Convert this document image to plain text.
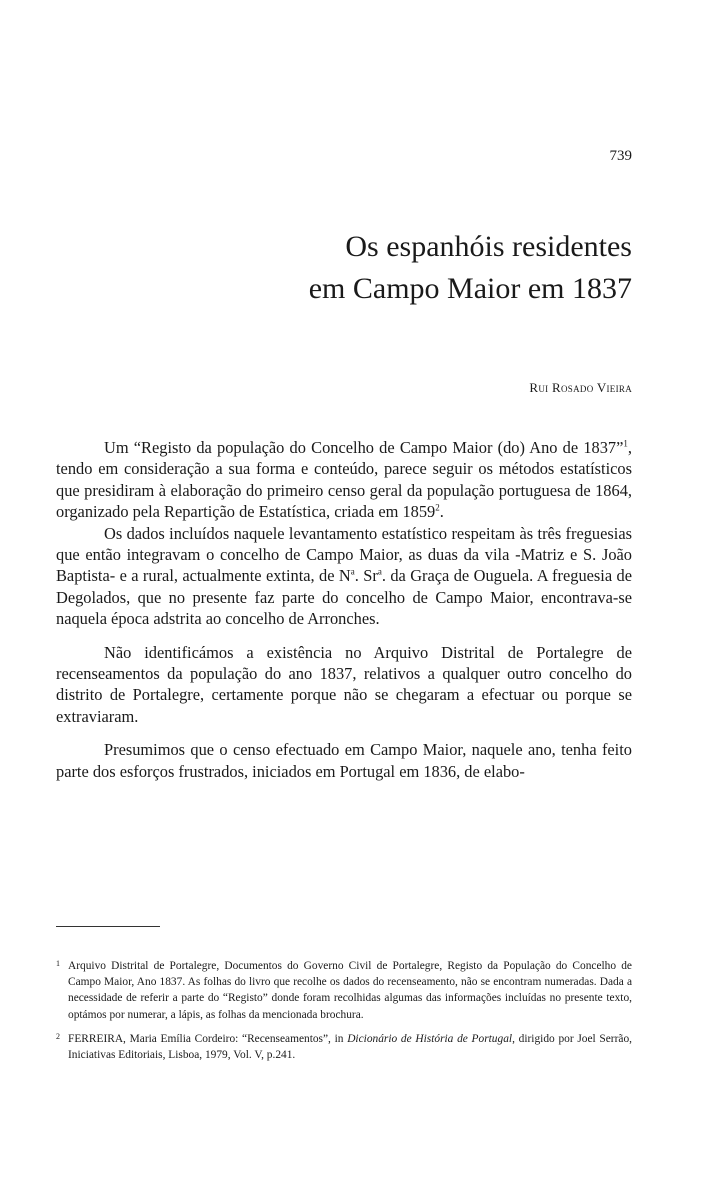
739
Os espanhóis residentes
em Campo Maior em 1837
Rui Rosado Vieira

Um “Registo da população do Concelho de Campo Maior (do) Ano de 1837”$^1$, tendo em consideração a sua forma e conteúdo, parece seguir os métodos estatísticos que presidiram à elaboração do primeiro censo geral da população portuguesa de 1864, organizado pela Repartição de Estatística, criada em 1859$^2$.

Os dados incluídos naquele levantamento estatístico respeitam às três freguesias que então integravam o concelho de Campo Maior, as duas da vila -Matriz e S. João Baptista- e a rural, actualmente extinta, de $N^a$. Sr$^a$. da Graça de Ouguela. A freguesia de Degolados, que no presente faz parte do concelho de Campo Maior, encontrava-se naquela época adstrita ao concelho de Arronches.

Não identificámos a existência no Arquivo Distrital de Portalegre de recenseamentos da população do ano 1837, relativos a qualquer outro concelho do distrito de Portalegre, certamente porque não se chegaram a efectuar ou porque se extraviaram.

Presumimos que o censo efectuado em Campo Maior, naquele ano, tenha feito parte dos esforços frustrados, iniciados em Portugal em 1836, de elabo-

1 Arquivo Distrital de Portalegre, Documentos do Governo Civil de Portalegre, Registo da População do Concelho de Campo Maior, Ano 1837. As folhas do livro que recolhe os dados do recenseamento, não se encontram numeradas. Dada a necessidade de referir a parte do “Registo” donde foram recolhidas algumas das informações incluídas no presente texto, optámos por numerar, a lápis, as folhas da mencionada brochura.

2 FERREIRA, Maria Emília Cordeiro: “Recenseamentos”, in Dicionário de História de Portugal, dirigido por Joel Serrão, Iniciativas Editoriais, Lisboa, 1979, Vol. V, p.241.
